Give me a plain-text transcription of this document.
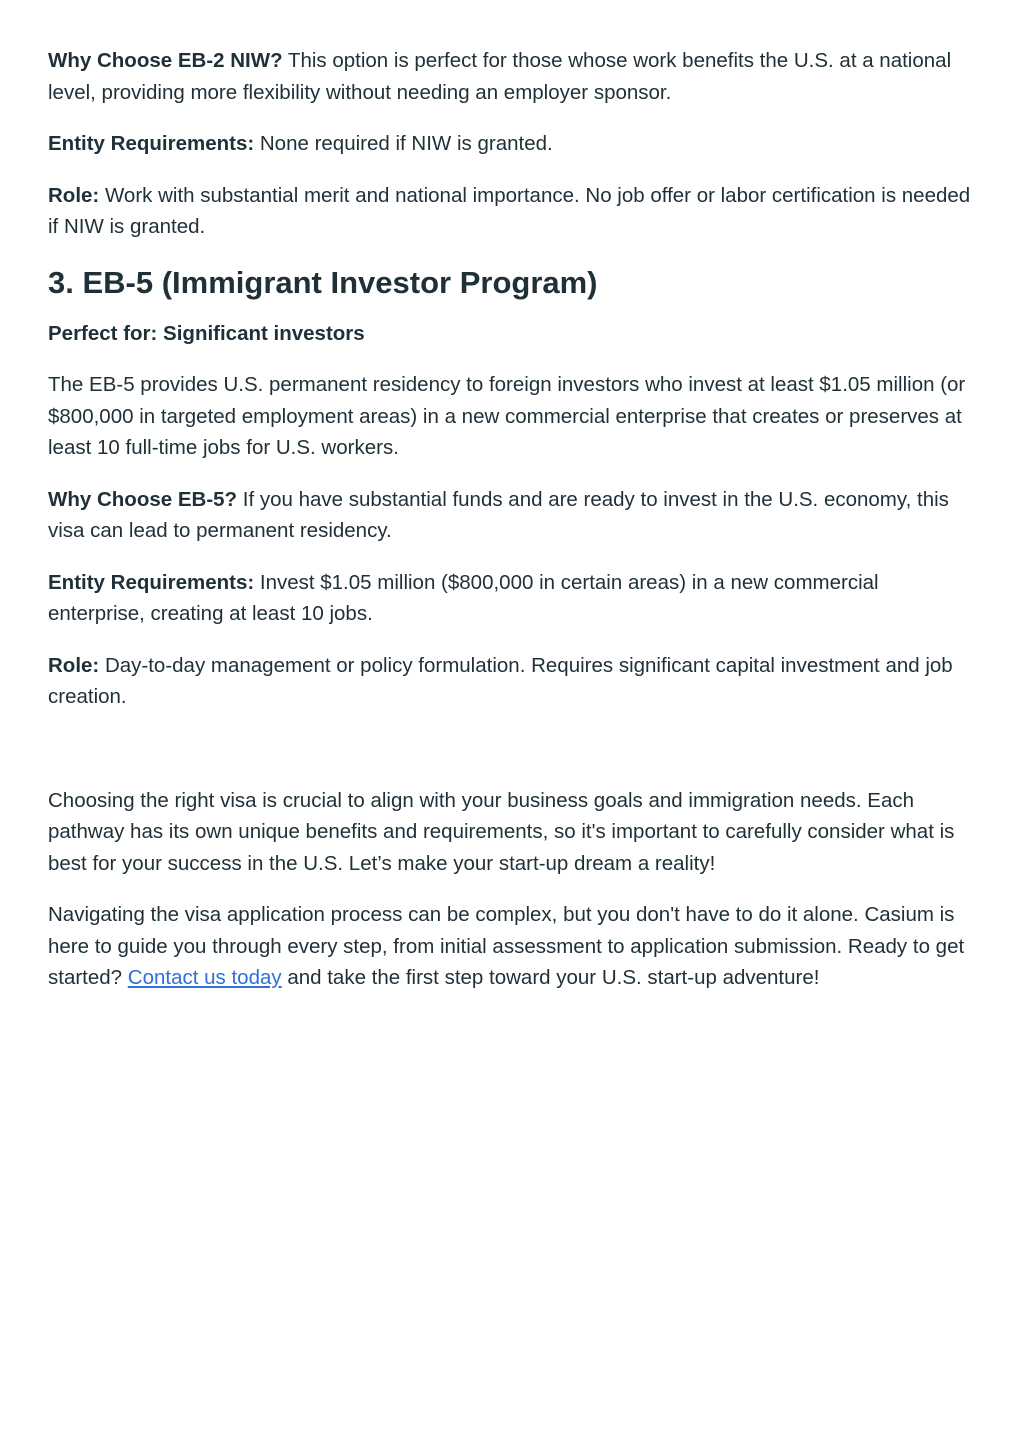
Why Choose EB-2 NIW? This option is perfect for those whose work benefits the U.S. at a national level, providing more flexibility without needing an employer sponsor.

Entity Requirements: None required if NIW is granted.

Role: Work with substantial merit and national importance. No job offer or labor certification is needed if NIW is granted.

3. EB-5 (Immigrant Investor Program)

Perfect for: Significant investors

The EB-5 provides U.S. permanent residency to foreign investors who invest at least $1.05 million (or $800,000 in targeted employment areas) in a new commercial enterprise that creates or preserves at least 10 full-time jobs for U.S. workers.

Why Choose EB-5? If you have substantial funds and are ready to invest in the U.S. economy, this visa can lead to permanent residency.

Entity Requirements: Invest $1.05 million ($800,000 in certain areas) in a new commercial enterprise, creating at least 10 jobs.

Role: Day-to-day management or policy formulation. Requires significant capital investment and job creation.

Choosing the right visa is crucial to align with your business goals and immigration needs. Each pathway has its own unique benefits and requirements, so it's important to carefully consider what is best for your success in the U.S. Let’s make your start-up dream a reality!

Navigating the visa application process can be complex, but you don't have to do it alone. Casium is here to guide you through every step, from initial assessment to application submission. Ready to get started? Contact us today and take the first step toward your U.S. start-up adventure!
